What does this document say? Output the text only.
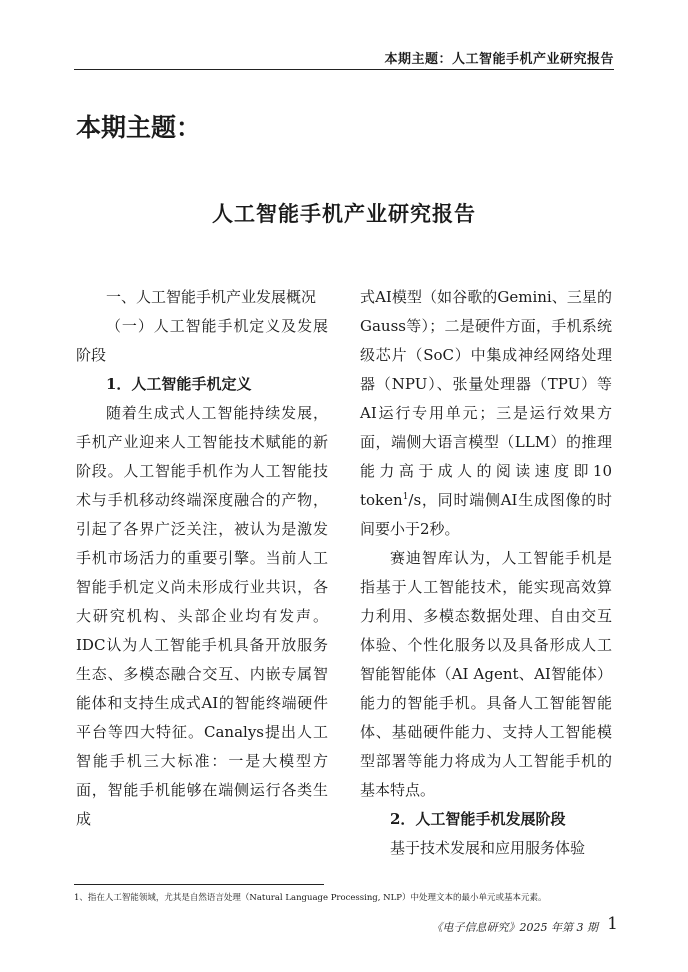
本期主题：人工智能手机产业研究报告
本期主题：
人工智能手机产业研究报告

一、人工智能手机产业发展概况

（一）人工智能手机定义及发展阶段

1．人工智能手机定义

随着生成式人工智能持续发展，手机产业迎来人工智能技术赋能的新阶段。人工智能手机作为人工智能技术与手机移动终端深度融合的产物，引起了各界广泛关注，被认为是激发手机市场活力的重要引擎。当前人工智能手机定义尚未形成行业共识，各大研究机构、头部企业均有发声。IDC认为人工智能手机具备开放服务生态、多模态融合交互、内嵌专属智能体和支持生成式AI的智能终端硬件平台等四大特征。Canalys提出人工智能手机三大标准：一是大模型方面，智能手机能够在端侧运行各类生成

式AI模型（如谷歌的Gemini、三星的Gauss等）；二是硬件方面，手机系统级芯片（SoC）中集成神经网络处理器（NPU）、张量处理器（TPU）等AI运行专用单元；三是运行效果方面，端侧大语言模型（LLM）的推理能力高于成人的阅读速度即10 token$^1$/s，同时端侧AI生成图像的时间要小于2秒。

赛迪智库认为，人工智能手机是指基于人工智能技术，能实现高效算力利用、多模态数据处理、自由交互体验、个性化服务以及具备形成人工智能智能体（AI Agent、AI智能体）能力的智能手机。具备人工智能智能体、基础硬件能力、支持人工智能模型部署等能力将成为人工智能手机的基本特点。

2．人工智能手机发展阶段

基于技术发展和应用服务体验

1、指在人工智能领域，尤其是自然语言处理（Natural Language Processing, NLP）中处理文本的最小单元或基本元素。

《电子信息研究》2025 年第 3 期 1
